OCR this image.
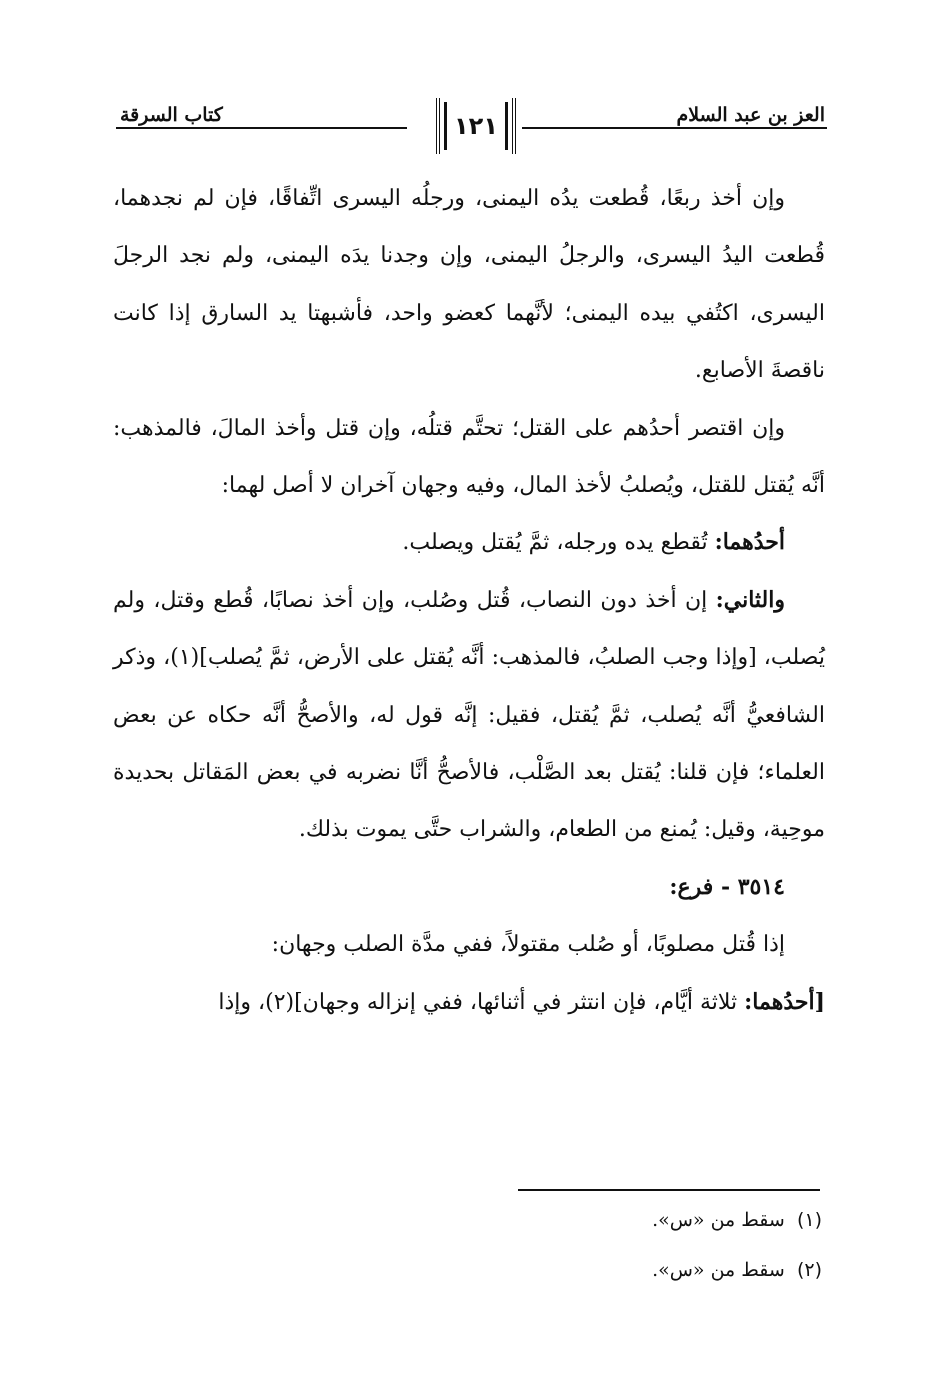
العز بن عبد السلام
١٢١
كتاب السرقة

وإن أخذ ربعًا، قُطعت يدُه اليمنى، ورجلُه اليسرى اتِّفاقًا، فإن لم نجدهما، قُطعت اليدُ اليسرى، والرجلُ اليمنى، وإن وجدنا يدَه اليمنى، ولم نجد الرجلَ اليسرى، اكتُفي بيده اليمنى؛ لأنَّهما كعضو واحد، فأشبهتا يد السارق إذا كانت ناقصةَ الأصابع.

وإن اقتصر أحدُهم على القتل؛ تحتَّم قتلُه، وإن قتل وأخذ المالَ، فالمذهب: أنَّه يُقتل للقتل، ويُصلبُ لأخذ المال، وفيه وجهان آخران لا أصل لهما:

أحدُهما: تُقطع يده ورجله، ثمَّ يُقتل ويصلب.

والثاني: إن أخذ دون النصاب، قُتل وصُلب، وإن أخذ نصابًا، قُطع وقتل، ولم يُصلب، [وإذا وجب الصلبُ، فالمذهب: أنَّه يُقتل على الأرض، ثمَّ يُصلب](١)، وذكر الشافعيُّ أنَّه يُصلب، ثمَّ يُقتل، فقيل: إنَّه قول له، والأصحُّ أنَّه حكاه عن بعض العلماء؛ فإن قلنا: يُقتل بعد الصَّلْب، فالأصحُّ أنَّا نضربه في بعض المَقاتل بحديدة موحِية، وقيل: يُمنع من الطعام، والشراب حتَّى يموت بذلك.

٣٥١٤ - فرع:

إذا قُتل مصلوبًا، أو صُلب مقتولاً، ففي مدَّة الصلب وجهان:

[أحدُهما: ثلاثة أيَّام، فإن انتثر في أثنائها، ففي إنزاله وجهان](٢)، وإذا

(١)  سقط من «س».
(٢)  سقط من «س».
